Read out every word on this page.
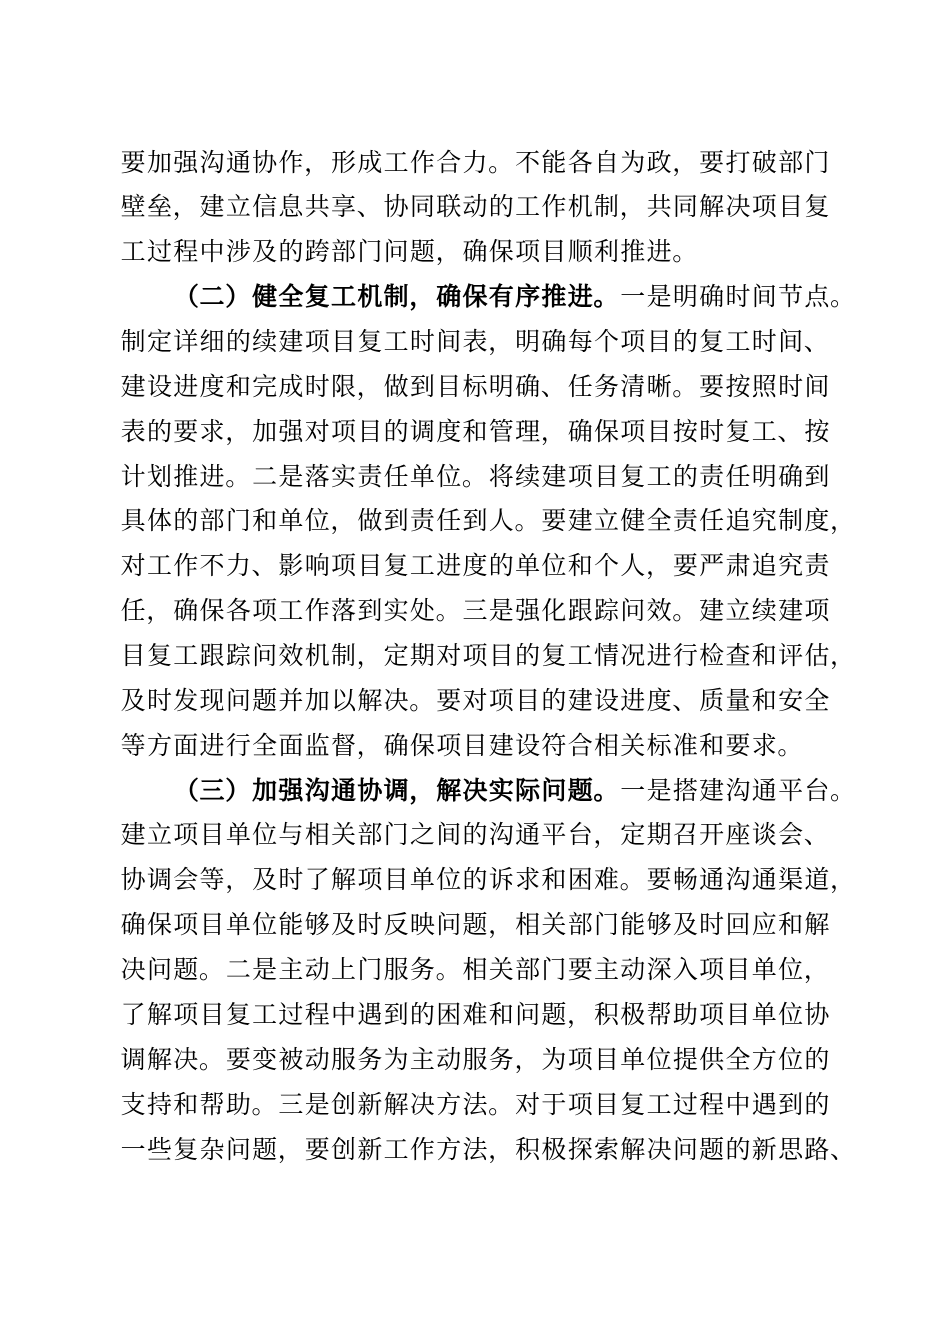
要加强沟通协作，形成工作合力。不能各自为政，要打破部门
壁垒，建立信息共享、协同联动的工作机制，共同解决项目复
工过程中涉及的跨部门问题，确保项目顺利推进。
（二）健全复工机制，确保有序推进。一是明确时间节点。
制定详细的续建项目复工时间表，明确每个项目的复工时间、
建设进度和完成时限，做到目标明确、任务清晰。要按照时间
表的要求，加强对项目的调度和管理，确保项目按时复工、按
计划推进。二是落实责任单位。将续建项目复工的责任明确到
具体的部门和单位，做到责任到人。要建立健全责任追究制度，
对工作不力、影响项目复工进度的单位和个人，要严肃追究责
任，确保各项工作落到实处。三是强化跟踪问效。建立续建项
目复工跟踪问效机制，定期对项目的复工情况进行检查和评估，
及时发现问题并加以解决。要对项目的建设进度、质量和安全
等方面进行全面监督，确保项目建设符合相关标准和要求。
（三）加强沟通协调，解决实际问题。一是搭建沟通平台。
建立项目单位与相关部门之间的沟通平台，定期召开座谈会、
协调会等，及时了解项目单位的诉求和困难。要畅通沟通渠道，
确保项目单位能够及时反映问题，相关部门能够及时回应和解
决问题。二是主动上门服务。相关部门要主动深入项目单位，
了解项目复工过程中遇到的困难和问题，积极帮助项目单位协
调解决。要变被动服务为主动服务，为项目单位提供全方位的
支持和帮助。三是创新解决方法。对于项目复工过程中遇到的
一些复杂问题，要创新工作方法，积极探索解决问题的新思路、
